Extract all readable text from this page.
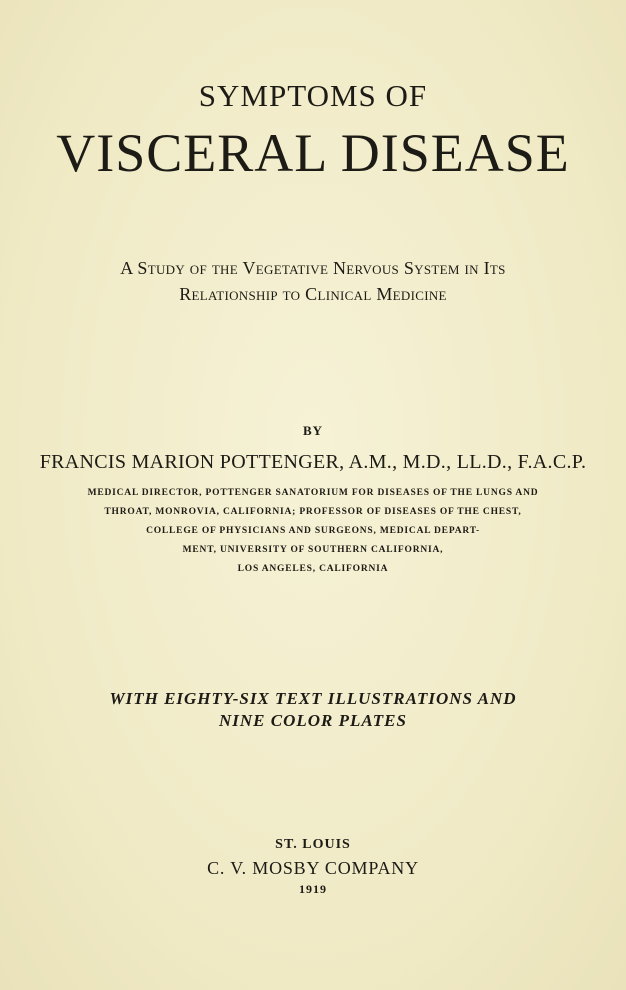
SYMPTOMS OF
VISCERAL DISEASE
A Study of the Vegetative Nervous System in Its
Relationship to Clinical Medicine
BY
FRANCIS MARION POTTENGER, A.M., M.D., LL.D., F.A.C.P.
MEDICAL DIRECTOR, POTTENGER SANATORIUM FOR DISEASES OF THE LUNGS AND
THROAT, MONROVIA, CALIFORNIA; PROFESSOR OF DISEASES OF THE CHEST,
COLLEGE OF PHYSICIANS AND SURGEONS, MEDICAL DEPART-
MENT, UNIVERSITY OF SOUTHERN CALIFORNIA,
LOS ANGELES, CALIFORNIA
WITH EIGHTY-SIX TEXT ILLUSTRATIONS AND
NINE COLOR PLATES
ST. LOUIS
C. V. MOSBY COMPANY
1919
